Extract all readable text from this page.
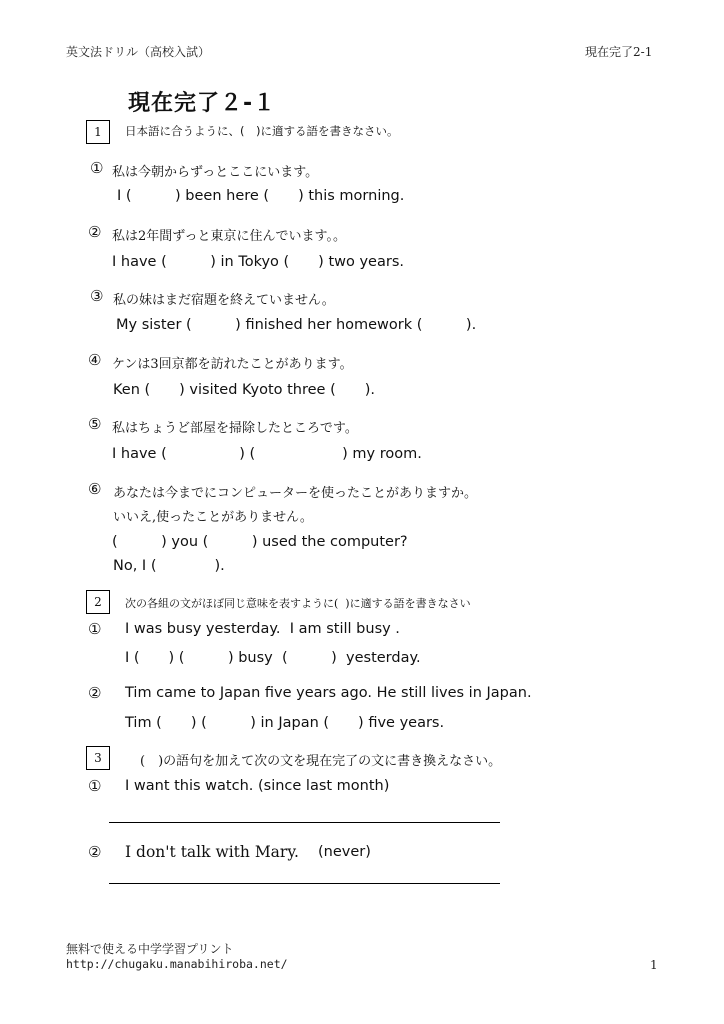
英文法ドリル（高校入試）	現在完了2-1
現在完了２-１
1	日本語に合うように、(　)に適する語を書きなさい。
① 私は今朝からずっとここにいます。
I (　　　) been here (　　) this morning.
② 私は2年間ずっと東京に住んでいます。。
I have (　　　) in Tokyo (　　) two years.
③ 私の妹はまだ宿題を終えていません。
My sister (　　　) finished her homework (　　　).
④ ケンは3回京都を訪れたことがあります。
Ken (　　) visited Kyoto three (　　).
⑤ 私はちょうど部屋を掃除したところです。
I have (　　　　　) (　　　　　　) my room.
⑥ あなたは今までにコンピューターを使ったことがありますか。
いいえ,使ったことがありません。
(　　　) you (　　　) used the computer?
No, I (　　　　).
2	次の各組の文がほぼ同じ意味を表すように(  )に適する語を書きなさい
① I was busy yesterday.  I am still busy .
I (　　) (　　　) busy  (　　　)  yesterday.
② Tim came to Japan five years ago. He still lives in Japan.
Tim (　　) (　　　) in Japan (　　) five years.
3	(　)の語句を加えて次の文を現在完了の文に書き換えなさい。
① I want this watch. (since last month)
② I don't talk with Mary. (never)
無料で使える中学学習プリント
http://chugaku.manabihiroba.net/	1
